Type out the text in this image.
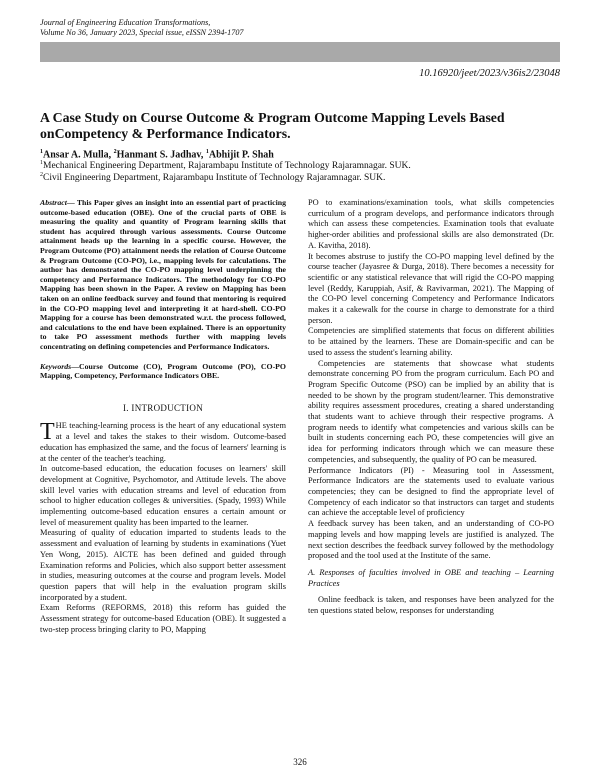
Journal of Engineering Education Transformations,
Volume No 36, January 2023, Special issue, eISSN 2394-1707
10.16920/jeet/2023/v36is2/23048
A Case Study on Course Outcome & Program Outcome Mapping Levels Based onCompetency & Performance Indicators.
$^1$Ansar A. Mulla, $^2$Hanmant S. Jadhav, $^1$Abhijit P. Shah
$^1$Mechanical Engineering Department, Rajarambapu Institute of Technology Rajaramnagar. SUK.
$^2$Civil Engineering Department, Rajarambapu Institute of Technology Rajaramnagar. SUK.

Abstract— This Paper gives an insight into an essential part of practicing outcome-based education (OBE). One of the crucial parts of OBE is measuring the quality and quantity of Program learning skills that student has acquired through various assessments. Course Outcome attainment heads up the learning in a specific course. However, the Program Outcome (PO) attainment needs the relation of Course Outcome & Program Outcome (CO-PO), i.e., mapping levels for calculations. The author has demonstrated the CO-PO mapping level underpinning the competency and Performance Indicators. The methodology for CO-PO Mapping has been shown in the Paper. A review on Mapping has been taken on an online feedback survey and found that mentoring is required in the CO-PO mapping level and interpreting it at hard-shell. CO-PO Mapping for a course has been demonstrated w.r.t. the process followed, and calculations to the end have been explained. There is an opportunity to take PO assessment methods further with mapping levels concentrating on defining competencies and Performance Indicators.

Keywords—Course Outcome (CO), Program Outcome (PO), CO-PO Mapping, Competency, Performance Indicators OBE.

I. INTRODUCTION

THE teaching-learning process is the heart of any educational system at a level and takes the stakes to their wisdom. Outcome-based education has emphasized the same, and the focus of learners' learning is at the center of the teacher's teaching.

In outcome-based education, the education focuses on learners' skill development at Cognitive, Psychomotor, and Attitude levels. The above skill level varies with education streams and level of education from school to higher education colleges & universities. (Spady, 1993) While implementing outcome-based education ensures a certain amount or level of measurement quality has been imparted to the learner.

Measuring of quality of education imparted to students leads to the assessment and evaluation of learning by students in examinations (Yuet Yen Wong, 2015). AICTE has been defined and guided through Examination reforms and Policies, which also support better assessment in studies, measuring outcomes at the course and program levels. Model question papers that will help in the evaluation program skills incorporated by a student.

Exam Reforms (REFORMS, 2018) this reform has guided the Assessment strategy for outcome-based Education (OBE). It suggested a two-step process bringing clarity to PO, Mapping

PO to examinations/examination tools, what skills competencies curriculum of a program develops, and performance indicators through which can assess these competencies. Examination tools that evaluate higher-order abilities and professional skills are also demonstrated (Dr. A. Kavitha, 2018).

It becomes abstruse to justify the CO-PO mapping level defined by the course teacher (Jayasree & Durga, 2018). There becomes a necessity for scientific or any statistical relevance that will rigid the CO-PO mapping level (Reddy, Karuppiah, Asif, & Ravivarman, 2021). The Mapping of the CO-PO level concerning Competency and Performance Indicators makes it a cakewalk for the course in charge to demonstrate for a third person.

Competencies are simplified statements that focus on different abilities to be attained by the learners. These are Domain-specific and can be used to assess the student's learning ability.

Competencies are statements that showcase what students demonstrate concerning PO from the program curriculum. Each PO and Program Specific Outcome (PSO) can be implied by an ability that is needed to be shown by the program student/learner. This demonstrative ability requires assessment procedures, creating a shared understanding that students want to achieve through their respective programs. A program needs to identify what competencies and various skills can be built in students concerning each PO, these competencies will give an idea for performing indicators through which we can measure these competencies, and subsequently, the quality of PO can be measured.

Performance Indicators (PI) - Measuring tool in Assessment, Performance Indicators are the statements used to evaluate various competencies; they can be designed to find the appropriate level of Competency of each indicator so that instructors can target and students can achieve the acceptable level of proficiency

A feedback survey has been taken, and an understanding of CO-PO mapping levels and how mapping levels are justified is analyzed. The next section describes the feedback survey followed by the methodology proposed and the tool used at the Institute of the same.

A. Responses of faculties involved in OBE and teaching – Learning Practices

Online feedback is taken, and responses have been analyzed for the ten questions stated below, responses for understanding

326
